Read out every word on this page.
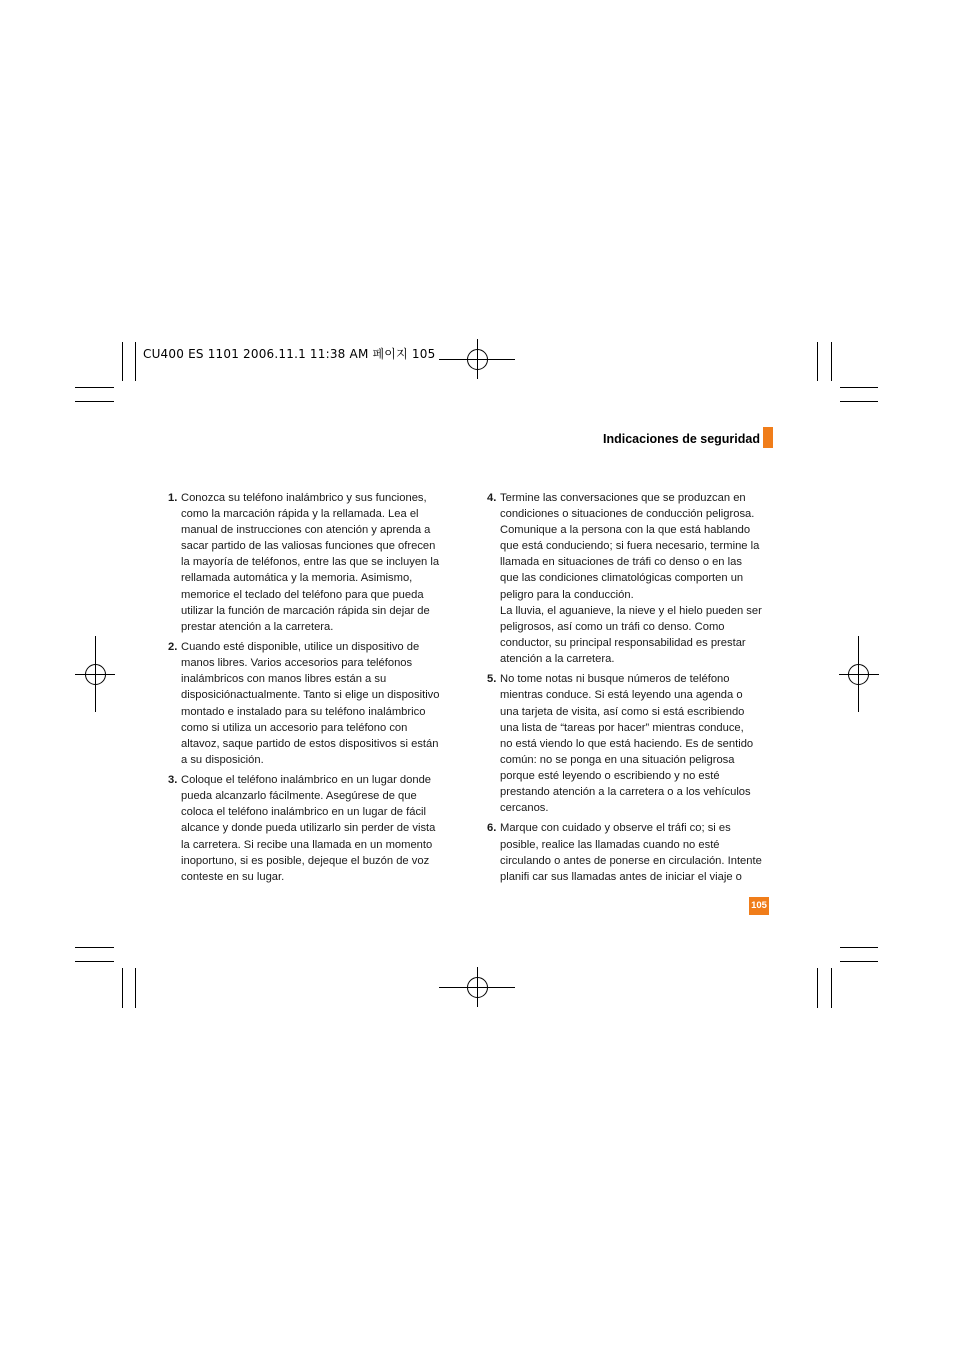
CU400 ES 1101 2006.11.1 11:38 AM 페이지 105
Indicaciones de seguridad
1. Conozca su teléfono inalámbrico y sus funciones,
como la marcación rápida y la rellamada. Lea el
manual de instrucciones con atención y aprenda a
sacar partido de las valiosas funciones que ofrecen
la mayoría de teléfonos, entre las que se incluyen la
rellamada automática y la memoria. Asimismo,
memorice el teclado del teléfono para que pueda
utilizar la función de marcación rápida sin dejar de
prestar atención a la carretera.
2. Cuando esté disponible, utilice un dispositivo de
manos libres. Varios accesorios para teléfonos
inalámbricos con manos libres están a su
disposiciónactualmente. Tanto si elige un dispositivo
montado e instalado para su teléfono inalámbrico
como si utiliza un accesorio para teléfono con
altavoz, saque partido de estos dispositivos si están
a su disposición.
3. Coloque el teléfono inalámbrico en un lugar donde
pueda alcanzarlo fácilmente. Asegúrese de que
coloca el teléfono inalámbrico en un lugar de fácil
alcance y donde pueda utilizarlo sin perder de vista
la carretera. Si recibe una llamada en un momento
inoportuno, si es posible, dejeque el buzón de voz
conteste en su lugar.
4. Termine las conversaciones que se produzcan en
condiciones o situaciones de conducción peligrosa.
Comunique a la persona con la que está hablando
que está conduciendo; si fuera necesario, termine la
llamada en situaciones de tráfi co denso o en las
que las condiciones climatológicas comporten un
peligro para la conducción.
La lluvia, el aguanieve, la nieve y el hielo pueden ser
peligrosos, así como un tráfi co denso. Como
conductor, su principal responsabilidad es prestar
atención a la carretera.
5. No tome notas ni busque números de teléfono
mientras conduce. Si está leyendo una agenda o
una tarjeta de visita, así como si está escribiendo
una lista de “tareas por hacer” mientras conduce,
no está viendo lo que está haciendo. Es de sentido
común: no se ponga en una situación peligrosa
porque esté leyendo o escribiendo y no esté
prestando atención a la carretera o a los vehículos
cercanos.
6. Marque con cuidado y observe el tráfi co; si es
posible, realice las llamadas cuando no esté
circulando o antes de ponerse en circulación. Intente
planifi car sus llamadas antes de iniciar el viaje o
105
